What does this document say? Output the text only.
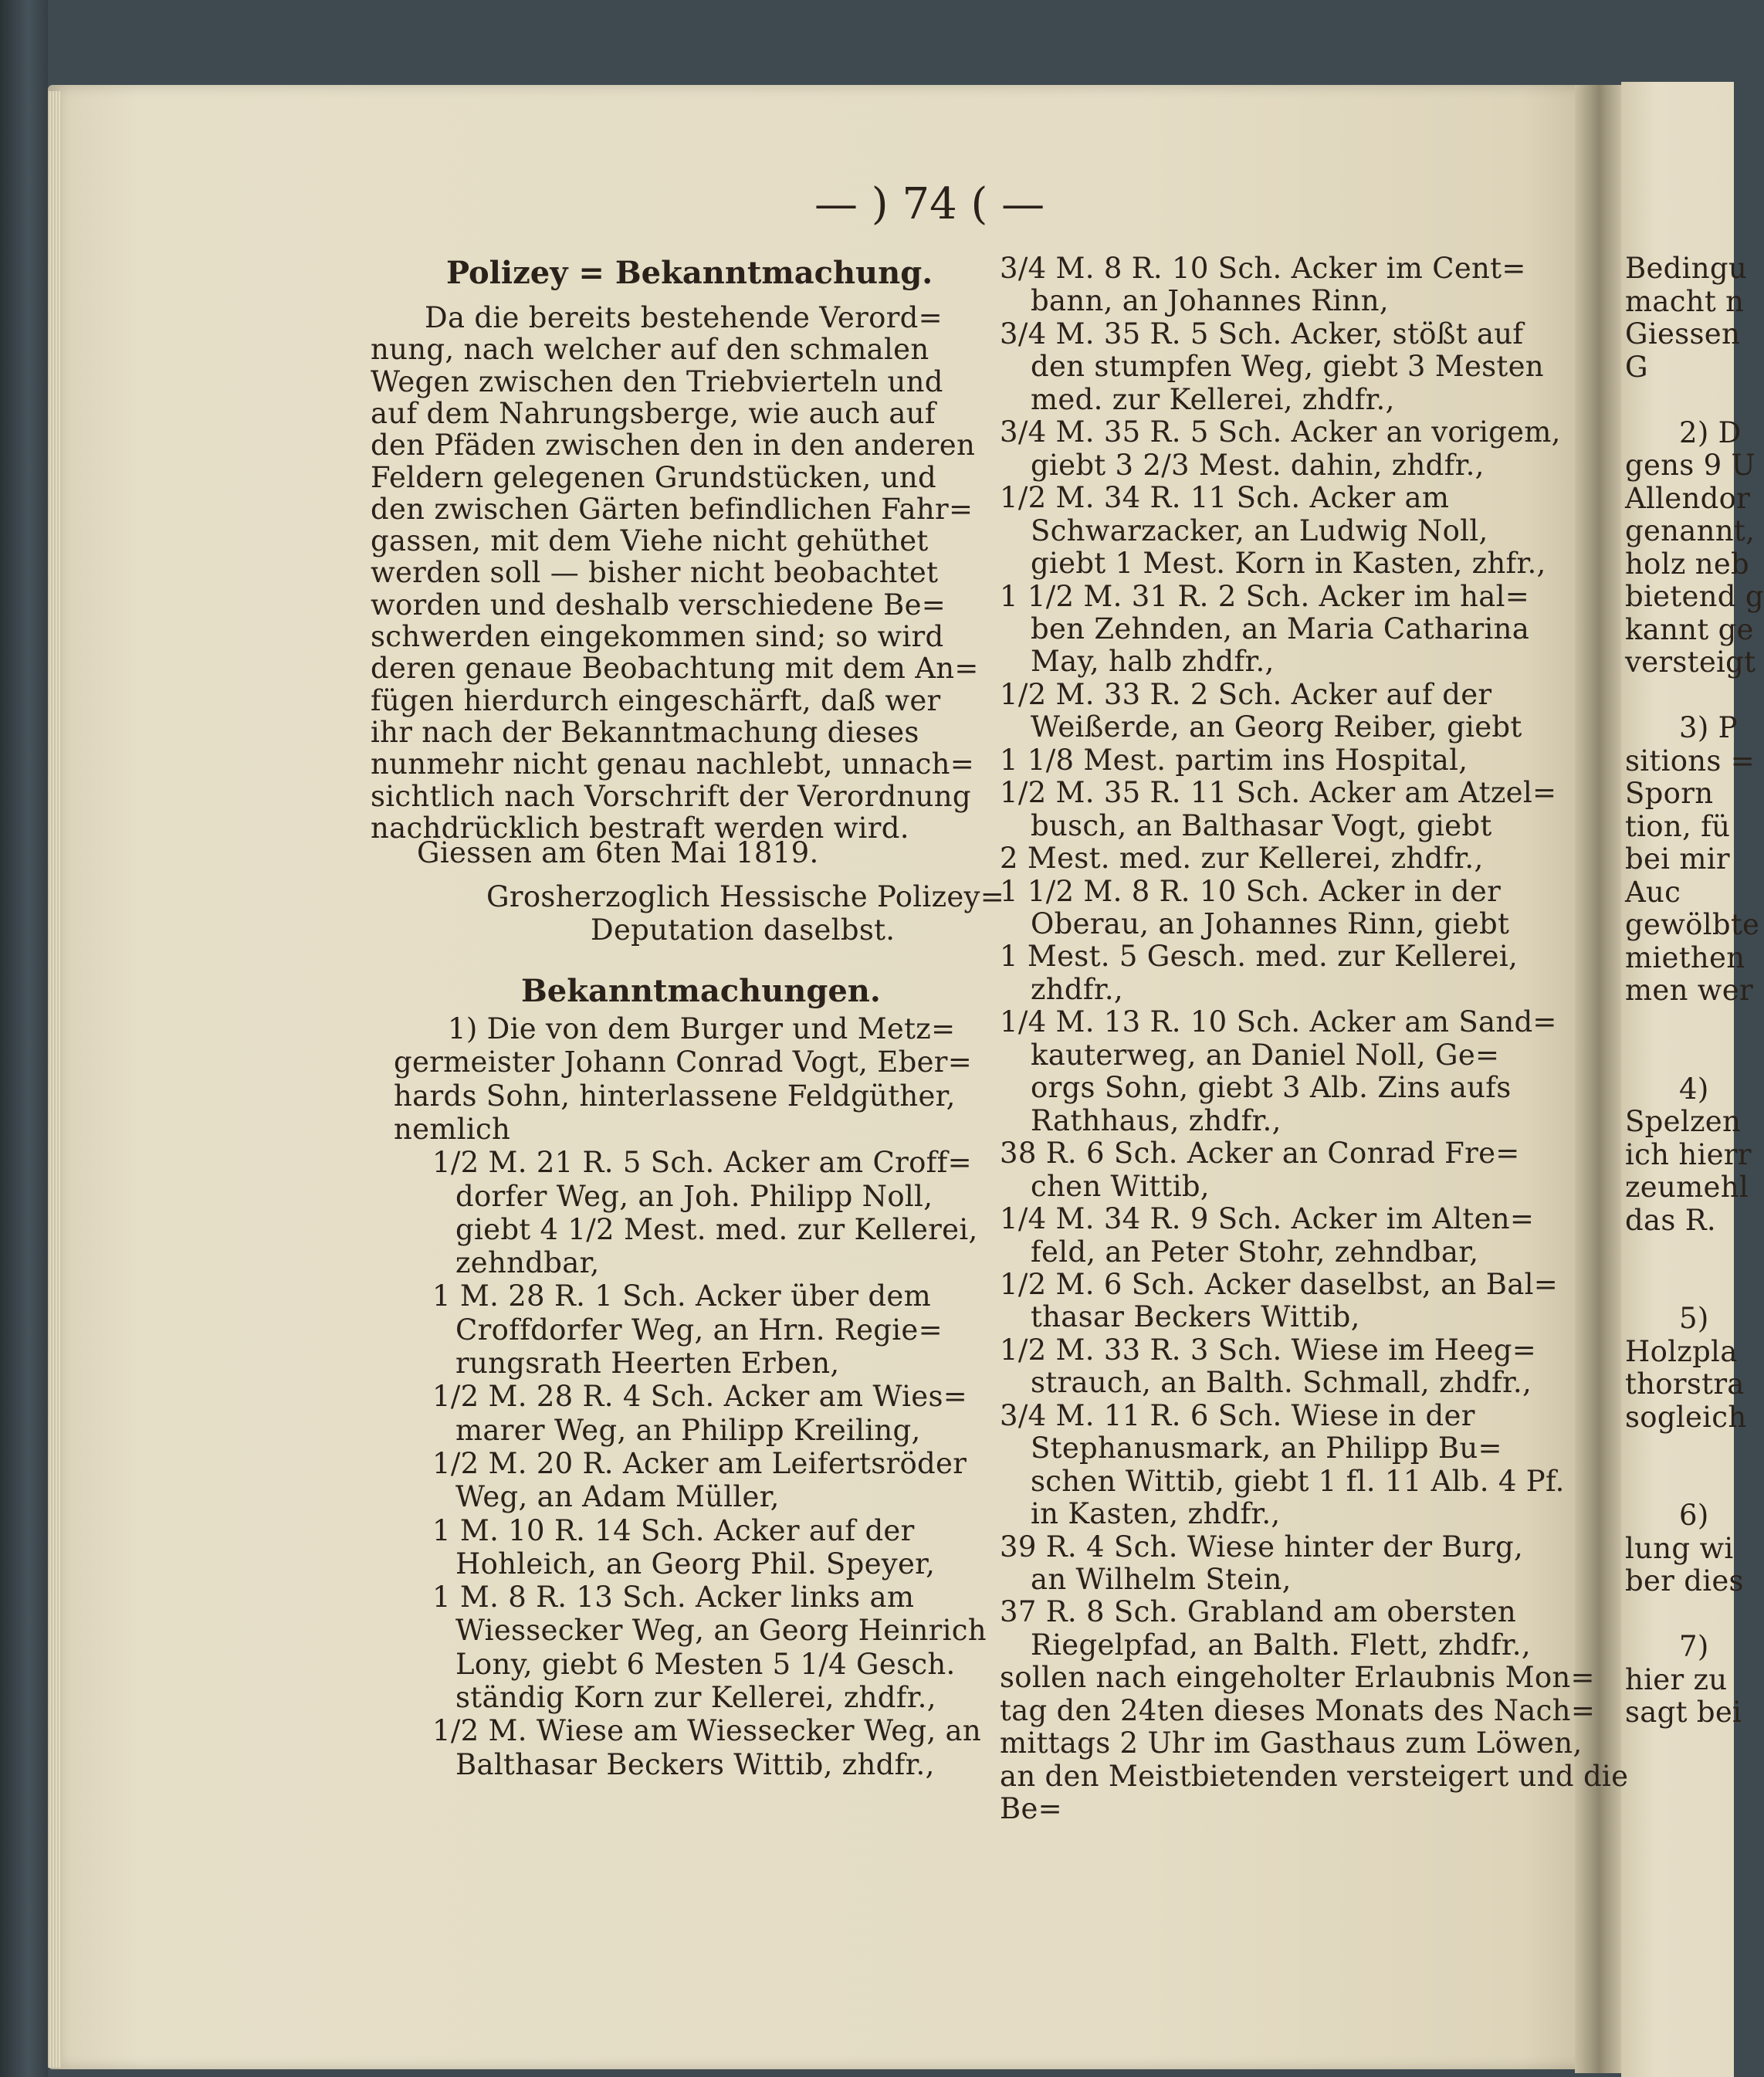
— ) 74 ( —
Polizey = Bekanntmachung.
Da die bereits bestehende Verord=
nung, nach welcher auf den schmalen
Wegen zwischen den Triebvierteln und
auf dem Nahrungsberge, wie auch auf
den Pfäden zwischen den in den anderen
Feldern gelegenen Grundstücken, und
den zwischen Gärten befindlichen Fahr=
gassen, mit dem Viehe nicht gehüthet
werden soll — bisher nicht beobachtet
worden und deshalb verschiedene Be=
schwerden eingekommen sind; so wird
deren genaue Beobachtung mit dem An=
fügen hierdurch eingeschärft, daß wer
ihr nach der Bekanntmachung dieses
nunmehr nicht genau nachlebt, unnach=
sichtlich nach Vorschrift der Verordnung
nachdrücklich bestraft werden wird.
Giessen am 6ten Mai 1819.
Grosherzoglich Hessische Polizey=
Deputation daselbst.
Bekanntmachungen.
1) Die von dem Burger und Metz=
germeister Johann Conrad Vogt, Eber=
hards Sohn, hinterlassene Feldgüther,
nemlich
1/2 M. 21 R. 5 Sch. Acker am Croff=
dorfer Weg, an Joh. Philipp Noll,
giebt 4 1/2 Mest. med. zur Kellerei,
zehndbar,
1 M. 28 R. 1 Sch. Acker über dem
Croffdorfer Weg, an Hrn. Regie=
rungsrath Heerten Erben,
1/2 M. 28 R. 4 Sch. Acker am Wies=
marer Weg, an Philipp Kreiling,
1/2 M. 20 R. Acker am Leifertsröder
Weg, an Adam Müller,
1 M. 10 R. 14 Sch. Acker auf der
Hohleich, an Georg Phil. Speyer,
1 M. 8 R. 13 Sch. Acker links am
Wiessecker Weg, an Georg Heinrich
Lony, giebt 6 Mesten 5 1/4 Gesch.
ständig Korn zur Kellerei, zhdfr.,
1/2 M. Wiese am Wiessecker Weg, an
Balthasar Beckers Wittib, zhdfr.,
3/4 M. 8 R. 10 Sch. Acker im Cent=
bann, an Johannes Rinn,
3/4 M. 35 R. 5 Sch. Acker, stößt auf
den stumpfen Weg, giebt 3 Mesten
med. zur Kellerei, zhdfr.,
3/4 M. 35 R. 5 Sch. Acker an vorigem,
giebt 3 2/3 Mest. dahin, zhdfr.,
1/2 M. 34 R. 11 Sch. Acker am
Schwarzacker, an Ludwig Noll,
giebt 1 Mest. Korn in Kasten, zhfr.,
1 1/2 M. 31 R. 2 Sch. Acker im hal=
ben Zehnden, an Maria Catharina
May, halb zhdfr.,
1/2 M. 33 R. 2 Sch. Acker auf der
Weißerde, an Georg Reiber, giebt
1 1/8 Mest. partim ins Hospital,
1/2 M. 35 R. 11 Sch. Acker am Atzel=
busch, an Balthasar Vogt, giebt
2 Mest. med. zur Kellerei, zhdfr.,
1 1/2 M. 8 R. 10 Sch. Acker in der
Oberau, an Johannes Rinn, giebt
1 Mest. 5 Gesch. med. zur Kellerei,
zhdfr.,
1/4 M. 13 R. 10 Sch. Acker am Sand=
kauterweg, an Daniel Noll, Ge=
orgs Sohn, giebt 3 Alb. Zins aufs
Rathhaus, zhdfr.,
38 R. 6 Sch. Acker an Conrad Fre=
chen Wittib,
1/4 M. 34 R. 9 Sch. Acker im Alten=
feld, an Peter Stohr, zehndbar,
1/2 M. 6 Sch. Acker daselbst, an Bal=
thasar Beckers Wittib,
1/2 M. 33 R. 3 Sch. Wiese im Heeg=
strauch, an Balth. Schmall, zhdfr.,
3/4 M. 11 R. 6 Sch. Wiese in der
Stephanusmark, an Philipp Bu=
schen Wittib, giebt 1 fl. 11 Alb. 4 Pf.
in Kasten, zhdfr.,
39 R. 4 Sch. Wiese hinter der Burg,
an Wilhelm Stein,
37 R. 8 Sch. Grabland am obersten
Riegelpfad, an Balth. Flett, zhdfr.,
sollen nach eingeholter Erlaubnis Mon=
tag den 24ten dieses Monats des Nach=
mittags 2 Uhr im Gasthaus zum Löwen,
an den Meistbietenden versteigert und die
Be=
Bedingu
macht n
Giessen
G
2) D
gens 9 U
Allendor
genannt,
holz neb
bietend g
kannt ge
versteigt
3) P
sitions =
Sporn
tion, fü
bei mir
Auc
gewölbte
miethen
men wer
4)
Spelzen
ich hierr
zeumehl
das R.
5)
Holzpla
thorstra
sogleich
6)
lung wi
ber dies
7)
hier zu
sagt bei
